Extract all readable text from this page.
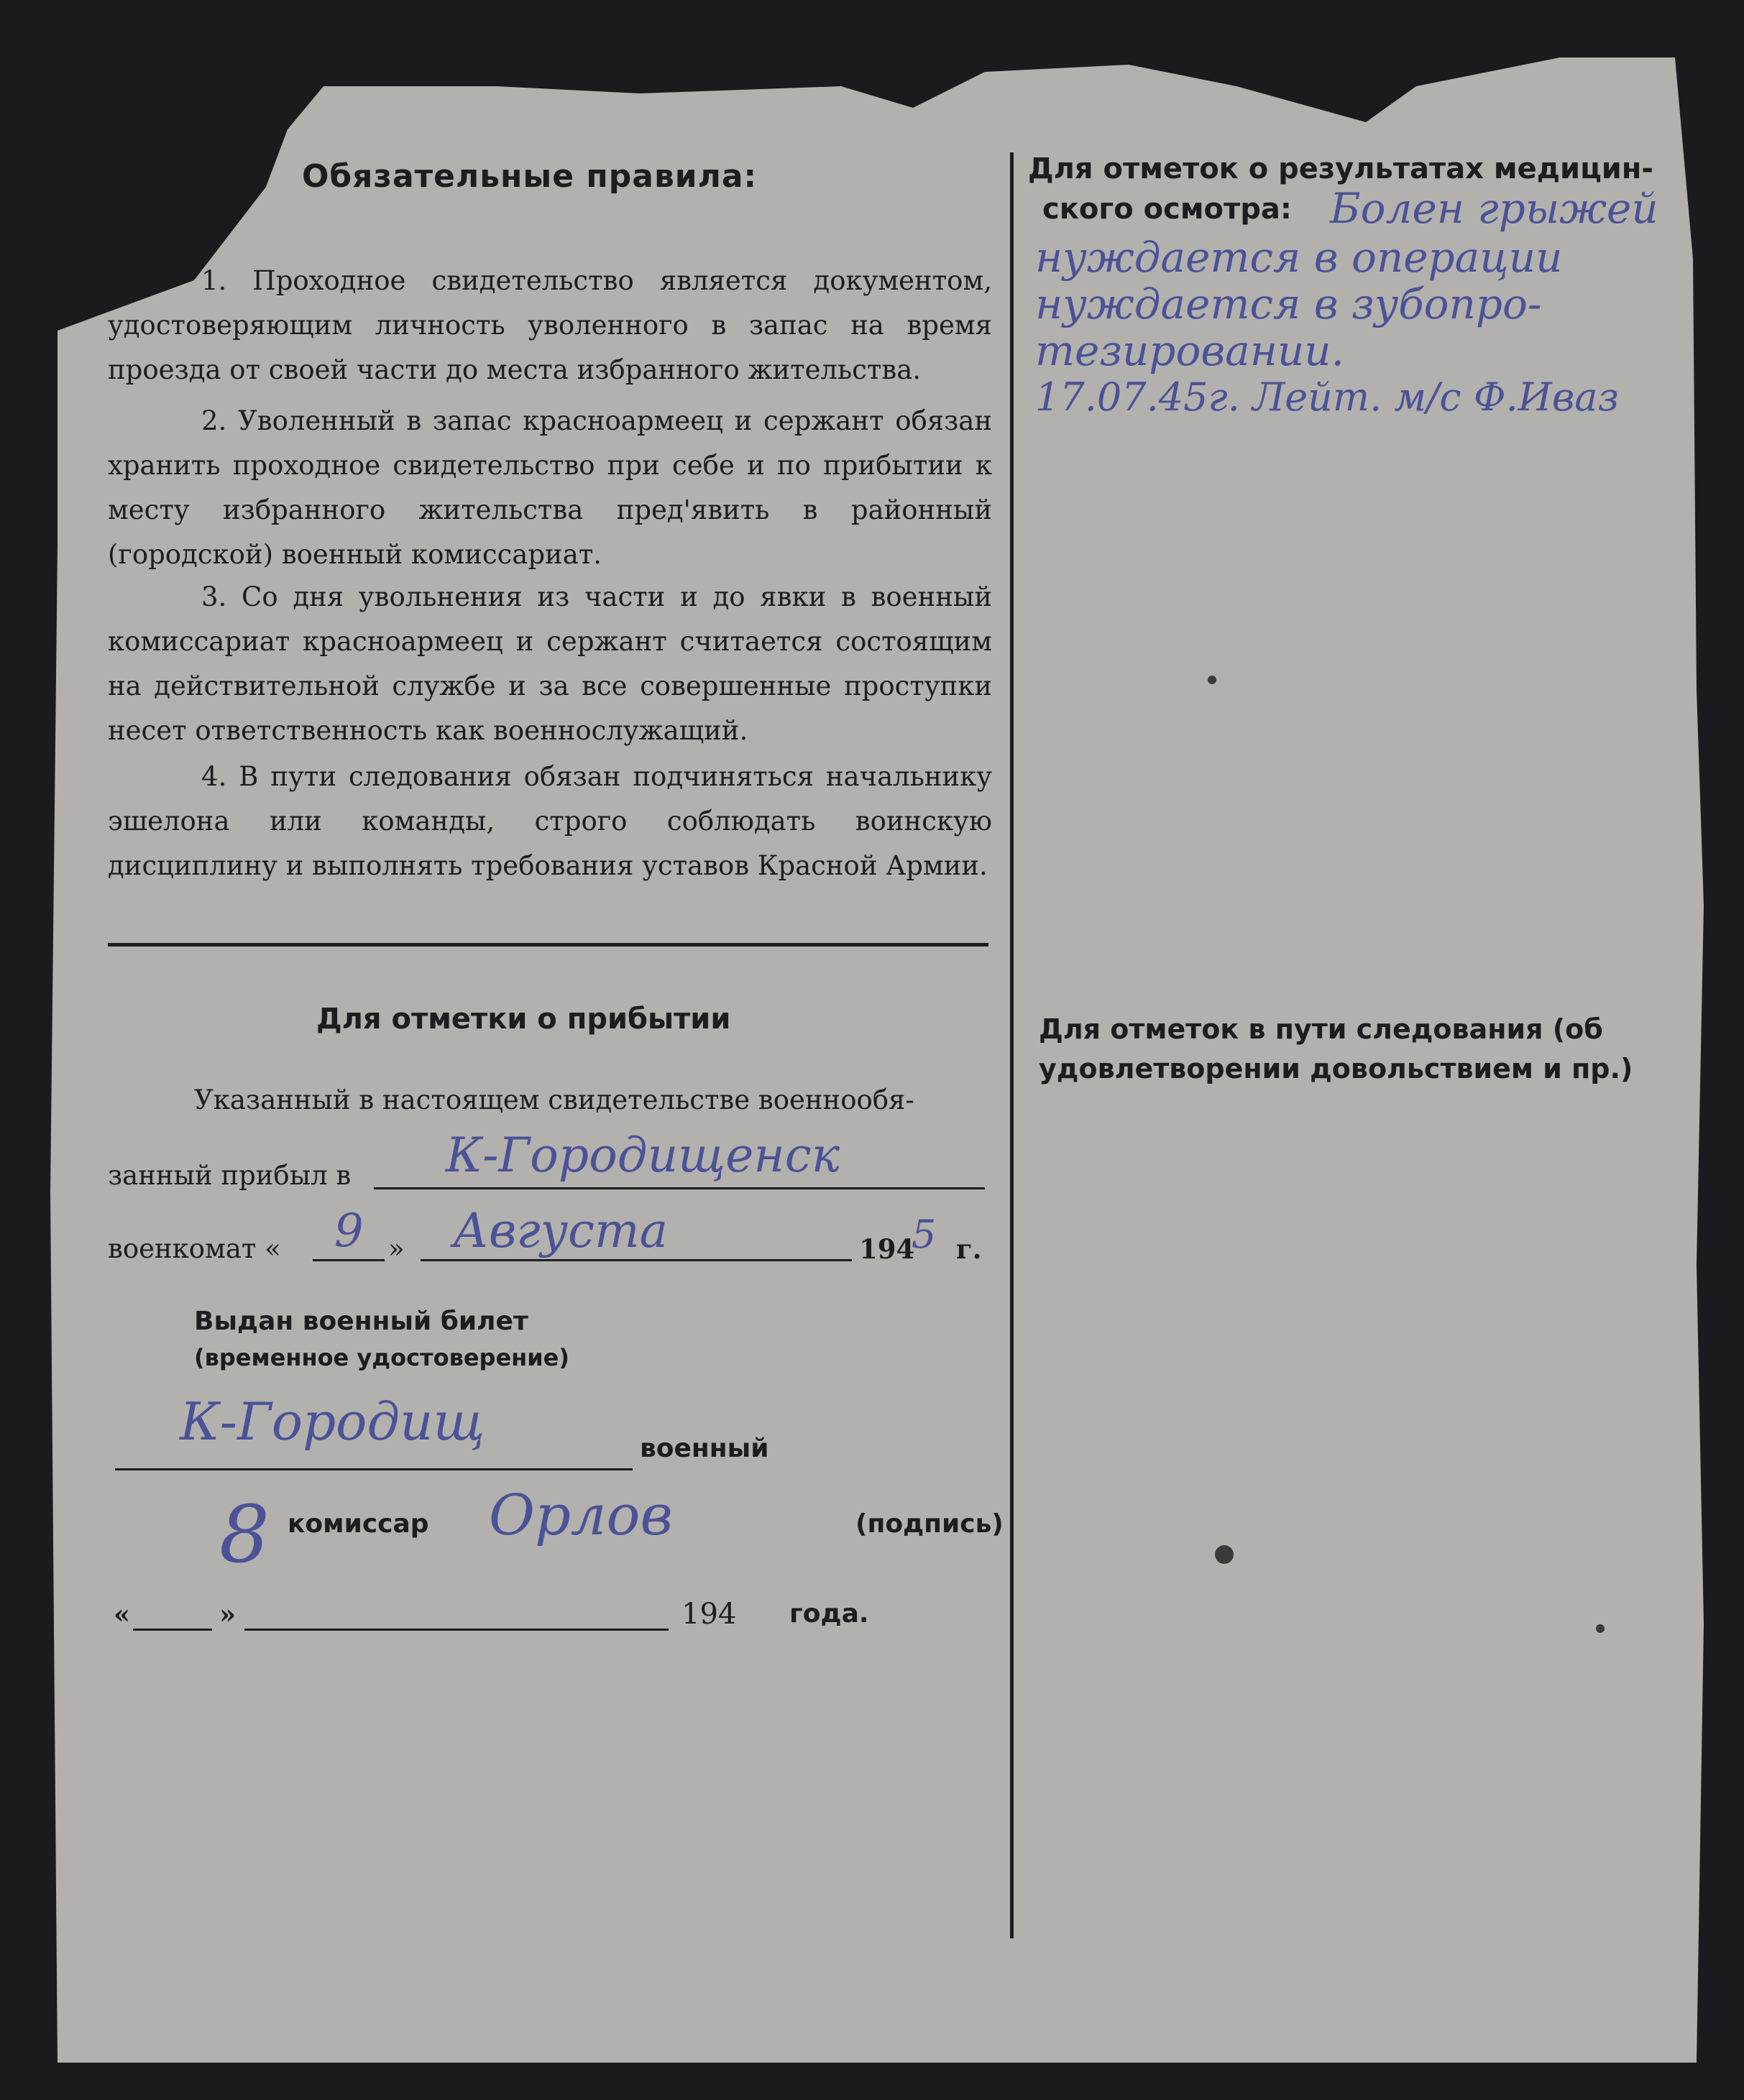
Обязательные правила:

1. Проходное свидетельство является документом, удостоверяющим личность уволенного в запас на время проезда от своей части до места избранного жительства.

2. Уволенный в запас красноармеец и сержант обязан хранить проходное свидетельство при себе и по прибытии к месту избранного жительства пред'явить в районный (городской) военный комиссариат.

3. Со дня увольнения из части и до явки в военный комиссариат красноармеец и сержант считается состоящим на действительной службе и за все совершенные проступки несет ответственность как военнослужащий.

4. В пути следования обязан подчиняться начальнику эшелона или команды, строго соблюдать воинскую дисциплину и выполнять требования уставов Красной Армии.

Для отметки о прибытии
Указанный в настоящем свидетельстве военнообя-
занный прибыл в К-Городищенск
военкомат « 9 » Августа	194
5 г.
Выдан военный билет
(временное удостоверение)
К-Городищ	военный
8 комиссар Орлов	(подпись)
«	»	194 года.
Для отметок о результатах медицин-
ского осмотра: Болен грыжей
нуждается в операции
нуждается в зубопро-
тезировании.
17.07.45г. Лейт. м/с Ф.Иваз
Для отметок в пути следования (об
удовлетворении довольствием и пр.)
